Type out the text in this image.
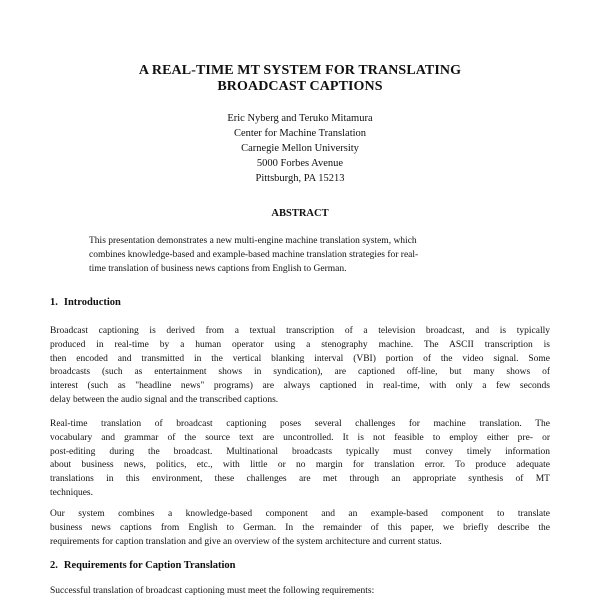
A REAL-TIME MT SYSTEM FOR TRANSLATING
BROADCAST CAPTIONS
Eric Nyberg and Teruko Mitamura
Center for Machine Translation
Carnegie Mellon University
5000 Forbes Avenue
Pittsburgh, PA 15213
ABSTRACT
This presentation demonstrates a new multi-engine machine translation system, which
combines knowledge-based and example-based machine translation strategies for real-
time translation of business news captions from English to German.
1. Introduction
Broadcast captioning is derived from a textual transcription of a television broadcast, and is typically
produced in real-time by a human operator using a stenography machine. The ASCII transcription is
then encoded and transmitted in the vertical blanking interval (VBI) portion of the video signal. Some
broadcasts (such as entertainment shows in syndication), are captioned off-line, but many shows of
interest (such as "headline news" programs) are always captioned in real-time, with only a few seconds
delay between the audio signal and the transcribed captions.
Real-time translation of broadcast captioning poses several challenges for machine translation. The
vocabulary and grammar of the source text are uncontrolled. It is not feasible to employ either pre- or
post-editing during the broadcast. Multinational broadcasts typically must convey timely information
about business news, politics, etc., with little or no margin for translation error. To produce adequate
translations in this environment, these challenges are met through an appropriate synthesis of MT
techniques.
Our system combines a knowledge-based component and an example-based component to translate
business news captions from English to German. In the remainder of this paper, we briefly describe the
requirements for caption translation and give an overview of the system architecture and current status.
2. Requirements for Caption Translation
Successful translation of broadcast captioning must meet the following requirements:
